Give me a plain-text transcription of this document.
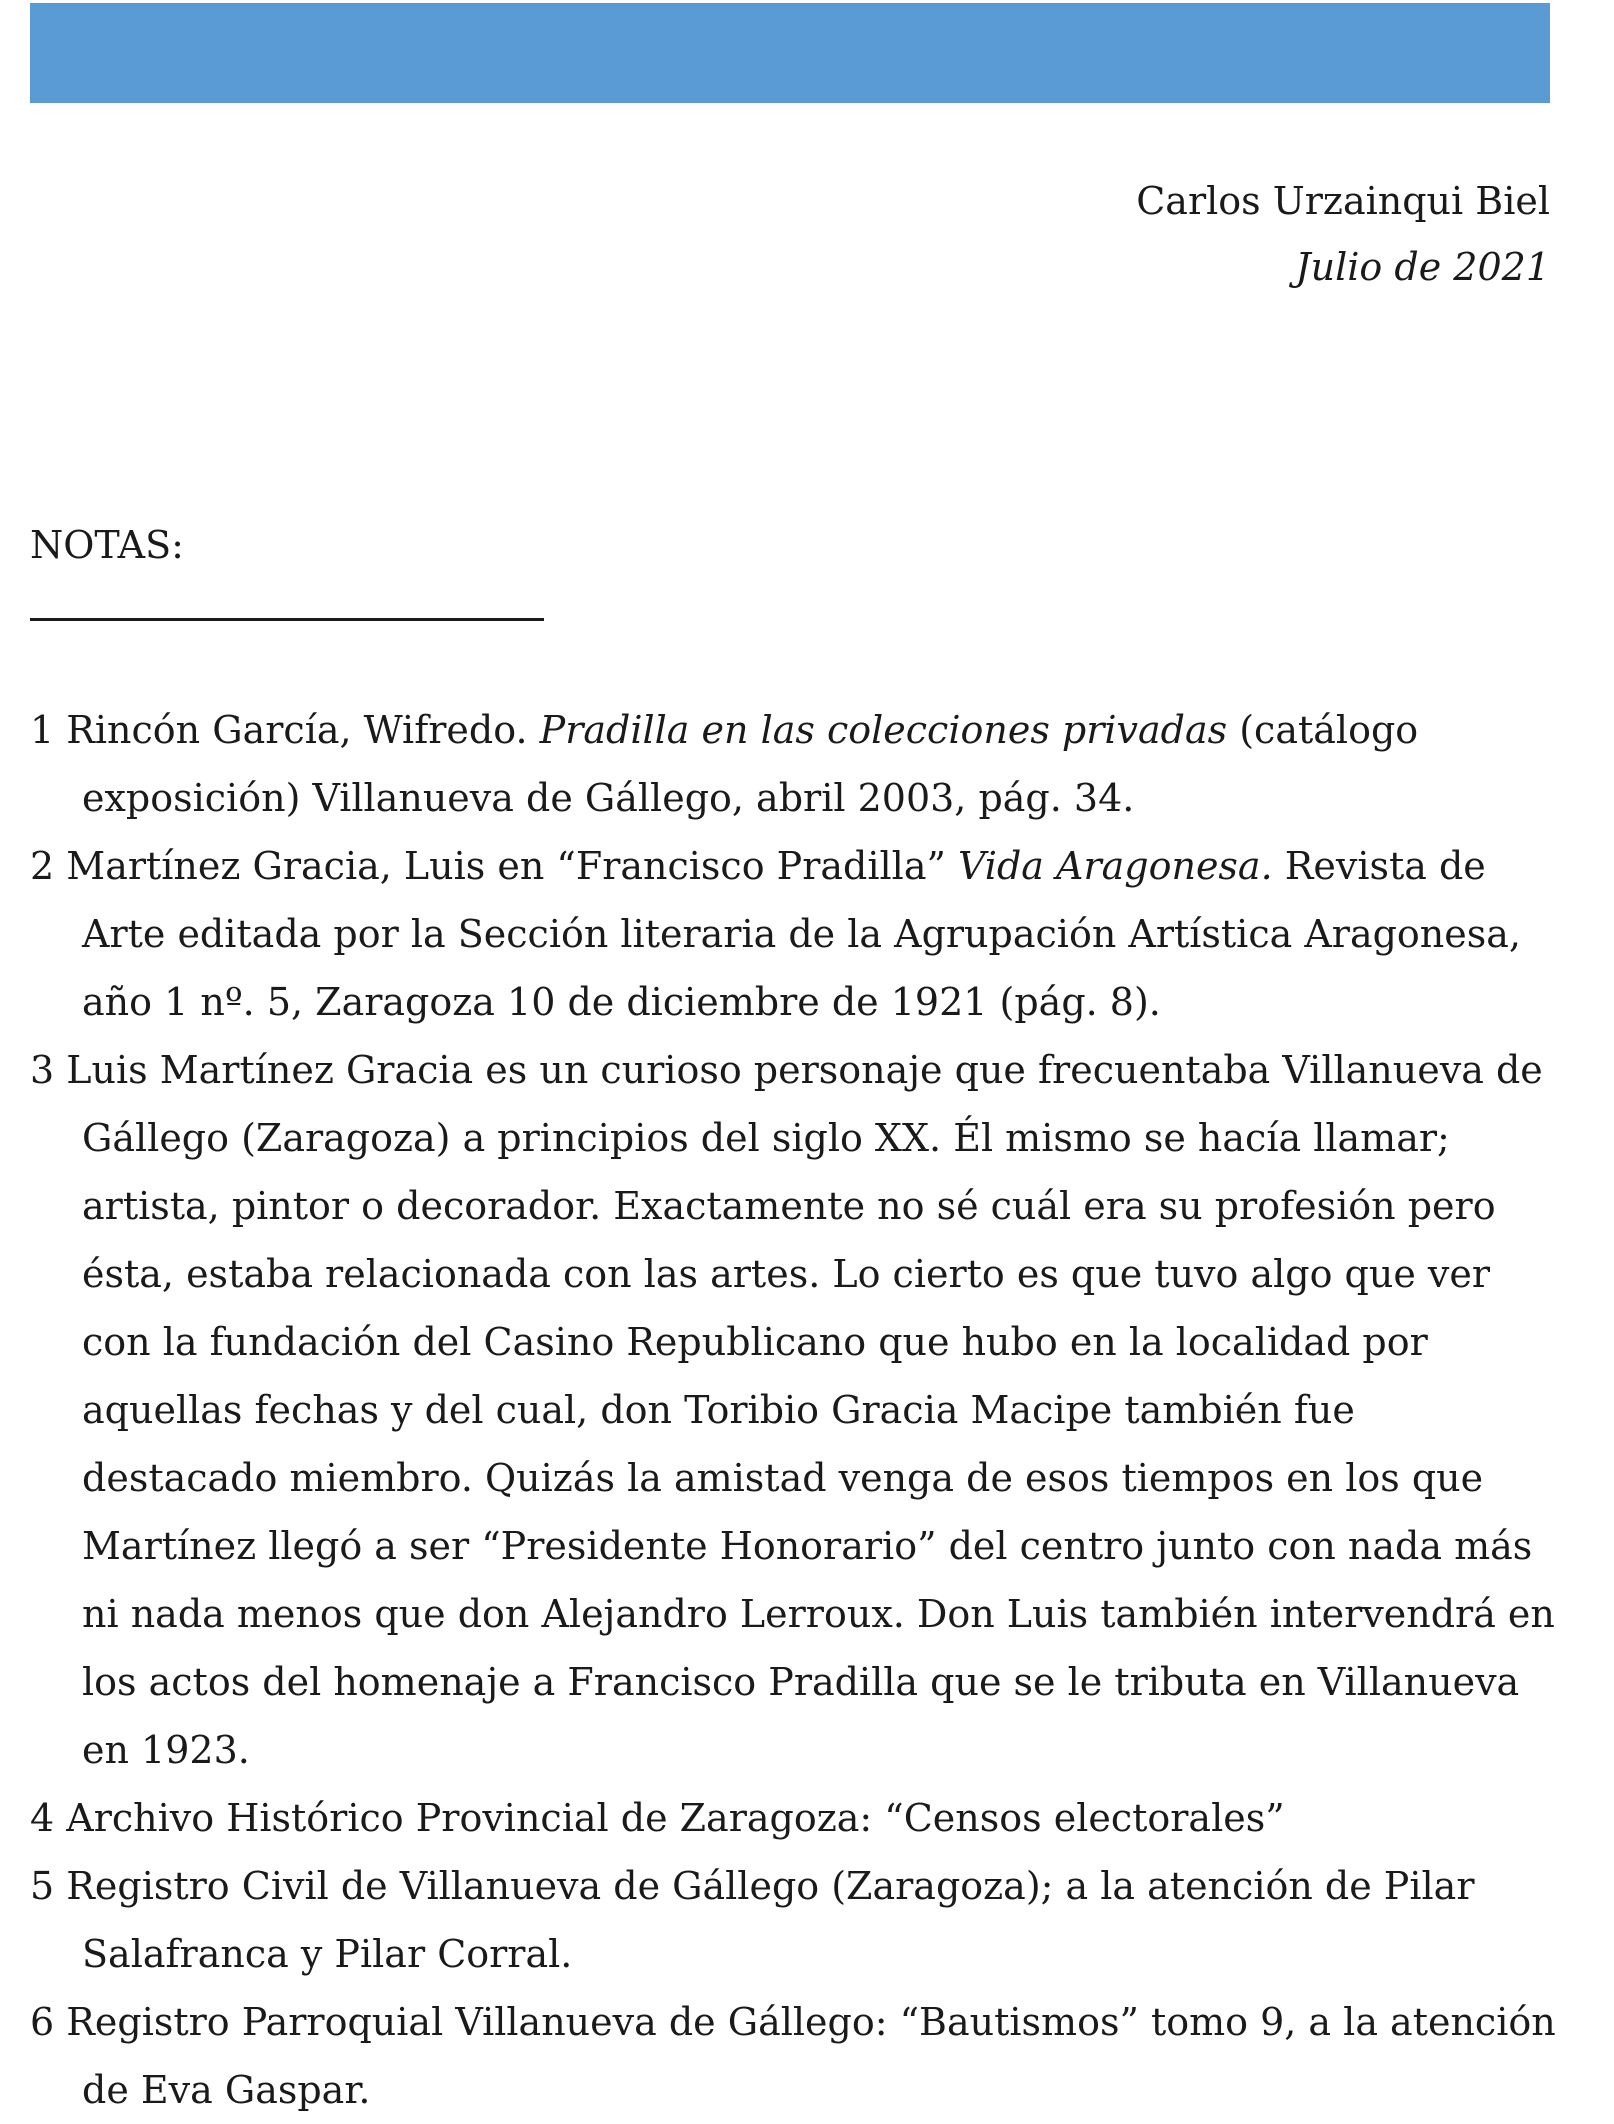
Carlos Urzainqui Biel
Julio de 2021
NOTAS:
1 Rincón García, Wifredo. Pradilla en las colecciones privadas (catálogo exposición) Villanueva de Gállego, abril 2003, pág. 34.
2 Martínez Gracia, Luis en “Francisco Pradilla” Vida Aragonesa. Revista de Arte editada por la Sección literaria de la Agrupación Artística Aragonesa, año 1 nº. 5, Zaragoza 10 de diciembre de 1921 (pág. 8).
3 Luis Martínez Gracia es un curioso personaje que frecuentaba Villanueva de Gállego (Zaragoza) a principios del siglo XX. Él mismo se hacía llamar; artista, pintor o decorador. Exactamente no sé cuál era su profesión pero ésta, estaba relacionada con las artes. Lo cierto es que tuvo algo que ver con la fundación del Casino Republicano que hubo en la localidad por aquellas fechas y del cual, don Toribio Gracia Macipe también fue destacado miembro. Quizás la amistad venga de esos tiempos en los que Martínez llegó a ser “Presidente Honorario” del centro junto con nada más ni nada menos que don Alejandro Lerroux. Don Luis también intervendrá en los actos del homenaje a Francisco Pradilla que se le tributa en Villanueva en 1923.
4 Archivo Histórico Provincial de Zaragoza: “Censos electorales”
5 Registro Civil de Villanueva de Gállego (Zaragoza); a la atención de Pilar Salafranca y Pilar Corral.
6 Registro Parroquial Villanueva de Gállego: “Bautismos” tomo 9, a la atención de Eva Gaspar.
